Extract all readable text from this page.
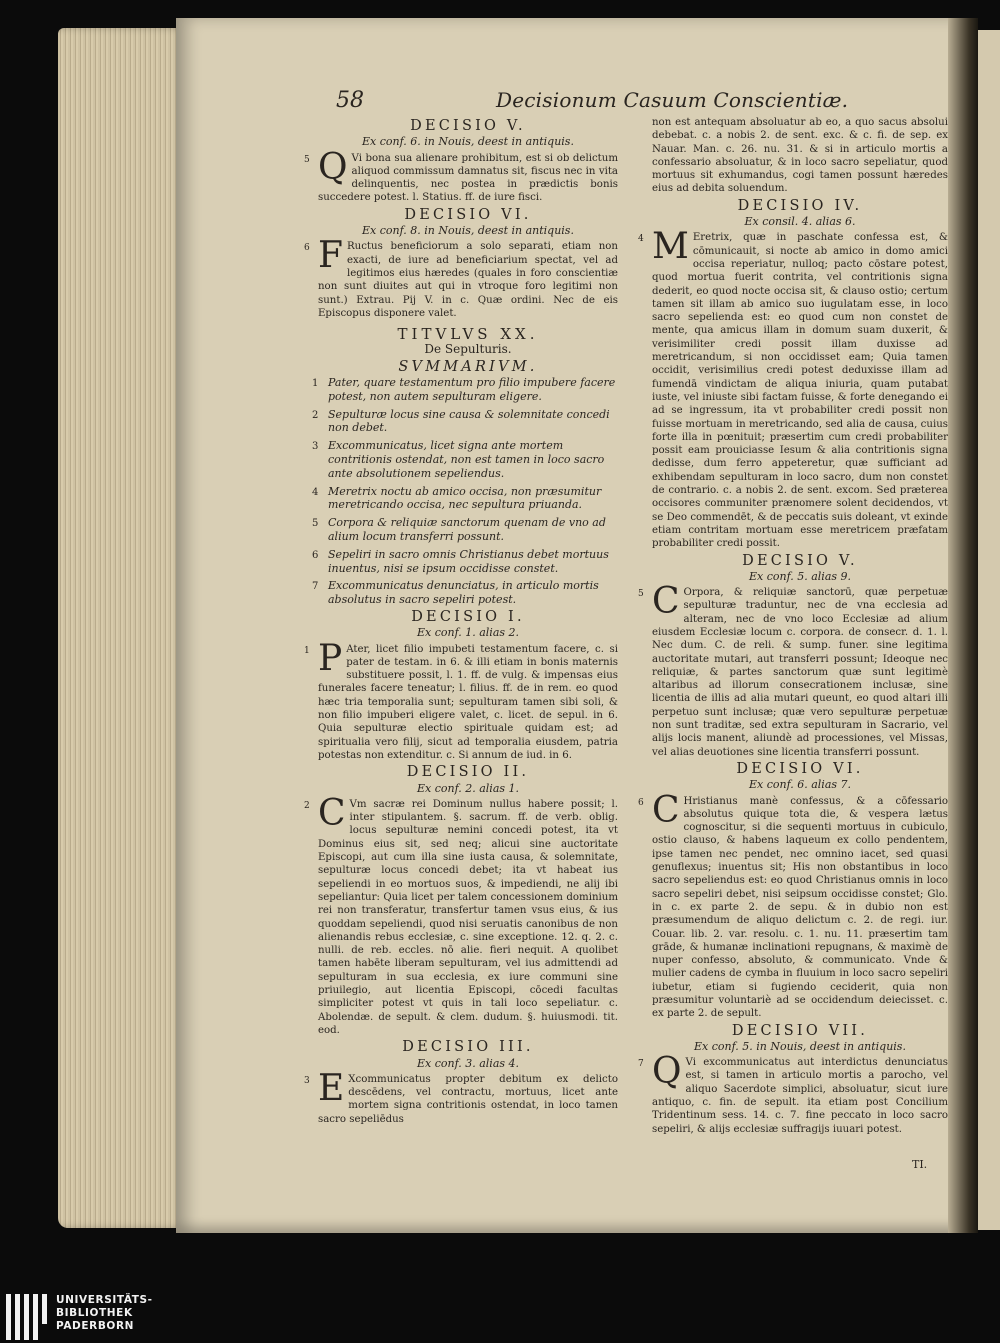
58	Decisionum Casuum Conscientiæ.
DECISIO V.
Ex conf. 6. in Nouis, deest in antiquis.
5 Q Vi bona sua alienare prohibitum, est si ob delictum aliquod commissum damnatus sit, fiscus nec in vita delinquentis, nec postea in prædictis bonis succedere potest. l. Statius. ff. de iure fisci.
DECISIO VI.
Ex conf. 8. in Nouis, deest in antiquis.
6 F Ructus beneficiorum a solo separati, etiam non exacti, de iure ad beneficiarium spectat, vel ad legitimos eius hæredes (quales in foro conscientiæ non sunt diuites aut qui in vtroque foro legitimi non sunt.) Extrau. Pij V. in c. Quæ ordini. Nec de eis Episcopus disponere valet.
TITVLVS XX.
De Sepulturis.
SVMMARIVM.
1 Pater, quare testamentum pro filio impubere facere potest, non autem sepulturam eligere.
2 Sepulturæ locus sine causa & solemnitate concedi non debet.
3 Excommunicatus, licet signa ante mortem contritionis ostendat, non est tamen in loco sacro ante absolutionem sepeliendus.
4 Meretrix noctu ab amico occisa, non præsumitur meretricando occisa, nec sepultura priuanda.
5 Corpora & reliquiæ sanctorum quenam de vno ad alium locum transferri possunt.
6 Sepeliri in sacro omnis Christianus debet mortuus inuentus, nisi se ipsum occidisse constet.
7 Excommunicatus denunciatus, in articulo mortis absolutus in sacro sepeliri potest.
DECISIO I.
Ex conf. 1. alias 2.
1 P Ater, licet filio impubeti testamentum facere, c. si pater de testam. in 6. & illi etiam in bonis maternis substituere possit, l. 1. ff. de vulg. & impensas eius funerales facere teneatur; l. filius. ff. de in rem. eo quod hæc tria temporalia sunt; sepulturam tamen sibi soli, & non filio impuberi eligere valet, c. licet. de sepul. in 6. Quia sepulturæ electio spirituale quidam est; ad spiritualia vero filij, sicut ad temporalia eiusdem, patria potestas non extenditur. c. Si annum de iud. in 6.
DECISIO II.
Ex conf. 2. alias 1.
2 C Vm sacræ rei Dominum nullus habere possit; l. inter stipulantem. §. sacrum. ff. de verb. oblig. locus sepulturæ nemini concedi potest, ita vt Dominus eius sit, sed neq; alicui sine auctoritate Episcopi, aut cum illa sine iusta causa, & solemnitate, sepulturæ locus concedi debet; ita vt habeat ius sepeliendi in eo mortuos suos, & impediendi, ne alij ibi sepeliantur: Quia licet per talem concessionem dominium rei non transferatur, transfertur tamen vsus eius, & ius quoddam sepeliendi, quod nisi seruatis canonibus de non alienandis rebus ecclesiæ, c. sine exceptione. 12. q. 2. c. nulli. de reb. eccles. nō alie. fieri nequit. A quolibet tamen habēte liberam sepulturam, vel ius admittendi ad sepulturam in sua ecclesia, ex iure communi sine priuilegio, aut licentia Episcopi, cōcedi facultas simpliciter potest vt quis in tali loco sepeliatur. c. Abolendæ. de sepult. & clem. dudum. §. huiusmodi. tit. eod.
DECISIO III.
Ex conf. 3. alias 4.
3 E Xcommunicatus propter debitum ex delicto descēdens, vel contractu, mortuus, licet ante mortem signa contritionis ostendat, in loco tamen sacro sepeliēdus
non est antequam absoluatur ab eo, a quo sacus absolui debebat. c. a nobis 2. de sent. exc. & c. fi. de sep. ex Nauar. Man. c. 26. nu. 31. & si in articulo mortis a confessario absoluatur, & in loco sacro sepeliatur, quod mortuus sit exhumandus, cogi tamen possunt hæredes eius ad debita soluendum.
DECISIO IV.
Ex consil. 4. alias 6.
4 M Eretrix, quæ in paschate confessa est, & cōmunicauit, si nocte ab amico in domo amici occisa reperiatur, nulloq; pacto cōstare potest, quod mortua fuerit contrita, vel contritionis signa dederit, eo quod nocte occisa sit, & clauso ostio; certum tamen sit illam ab amico suo iugulatam esse, in loco sacro sepelienda est: eo quod cum non constet de mente, qua amicus illam in domum suam duxerit, & verisimiliter credi possit illam duxisse ad meretricandum, si non occidisset eam; Quia tamen occidit, verisimilius credi potest deduxisse illam ad fumendā vindictam de aliqua iniuria, quam putabat iuste, vel iniuste sibi factam fuisse, & forte denegando ei ad se ingressum, ita vt probabiliter credi possit non fuisse mortuam in meretricando, sed alia de causa, cuius forte illa in pœnituit; præsertim cum credi probabiliter possit eam prouiciasse Iesum & alia contritionis signa dedisse, dum ferro appeteretur, quæ sufficiant ad exhibendam sepulturam in loco sacro, dum non constet de contrario. c. a nobis 2. de sent. excom. Sed præterea occisores communiter prænomere solent decidendos, vt se Deo commendēt, & de peccatis suis doleant, vt exinde etiam contritam mortuam esse meretricem præfatam probabiliter credi possit.
DECISIO V.
Ex conf. 5. alias 9.
5 C Orpora, & reliquiæ sanctorū, quæ perpetuæ sepulturæ traduntur, nec de vna ecclesia ad alteram, nec de vno loco Ecclesiæ ad alium eiusdem Ecclesiæ locum c. corpora. de consecr. d. 1. l. Nec dum. C. de reli. & sump. funer. sine legitima auctoritate mutari, aut transferri possunt; Ideoque nec reliquiæ, & partes sanctorum quæ sunt legitimè altaribus ad illorum consecrationem inclusæ, sine licentia de illis ad alia mutari queunt, eo quod altari illi perpetuo sunt inclusæ; quæ vero sepulturæ perpetuæ non sunt traditæ, sed extra sepulturam in Sacrario, vel alijs locis manent, aliundè ad processiones, vel Missas, vel alias deuotiones sine licentia transferri possunt.
DECISIO VI.
Ex conf. 6. alias 7.
6 C Hristianus manè confessus, & a cōfessario absolutus quique tota die, & vespera lætus cognoscitur, si die sequenti mortuus in cubiculo, ostio clauso, & habens laqueum ex collo pendentem, ipse tamen nec pendet, nec omnino iacet, sed quasi genuflexus; inuentus sit; His non obstantibus in loco sacro sepeliendus est: eo quod Christianus omnis in loco sacro sepeliri debet, nisi seipsum occidisse constet; Glo. in c. ex parte 2. de sepu. & in dubio non est præsumendum de aliquo delictum c. 2. de regi. iur. Couar. lib. 2. var. resolu. c. 1. nu. 11. præsertim tam grāde, & humanæ inclinationi repugnans, & maximè de nuper confesso, absoluto, & communicato. Vnde & mulier cadens de cymba in fluuium in loco sacro sepeliri iubetur, etiam si fugiendo ceciderit, quia non præsumitur voluntariè ad se occidendum deiecisset. c. ex parte 2. de sepult.
DECISIO VII.
Ex conf. 5. in Nouis, deest in antiquis.
7 Q Vi excommunicatus aut interdictus denunciatus est, si tamen in articulo mortis a parocho, vel aliquo Sacerdote simplici, absoluatur, sicut iure antiquo, c. fin. de sepult. ita etiam post Concilium Tridentinum sess. 14. c. 7. fine peccato in loco sacro sepeliri, & alijs ecclesiæ suffragijs iuuari potest.
TI.
UNIVERSITÄTS-
BIBLIOTHEK
PADERBORN
